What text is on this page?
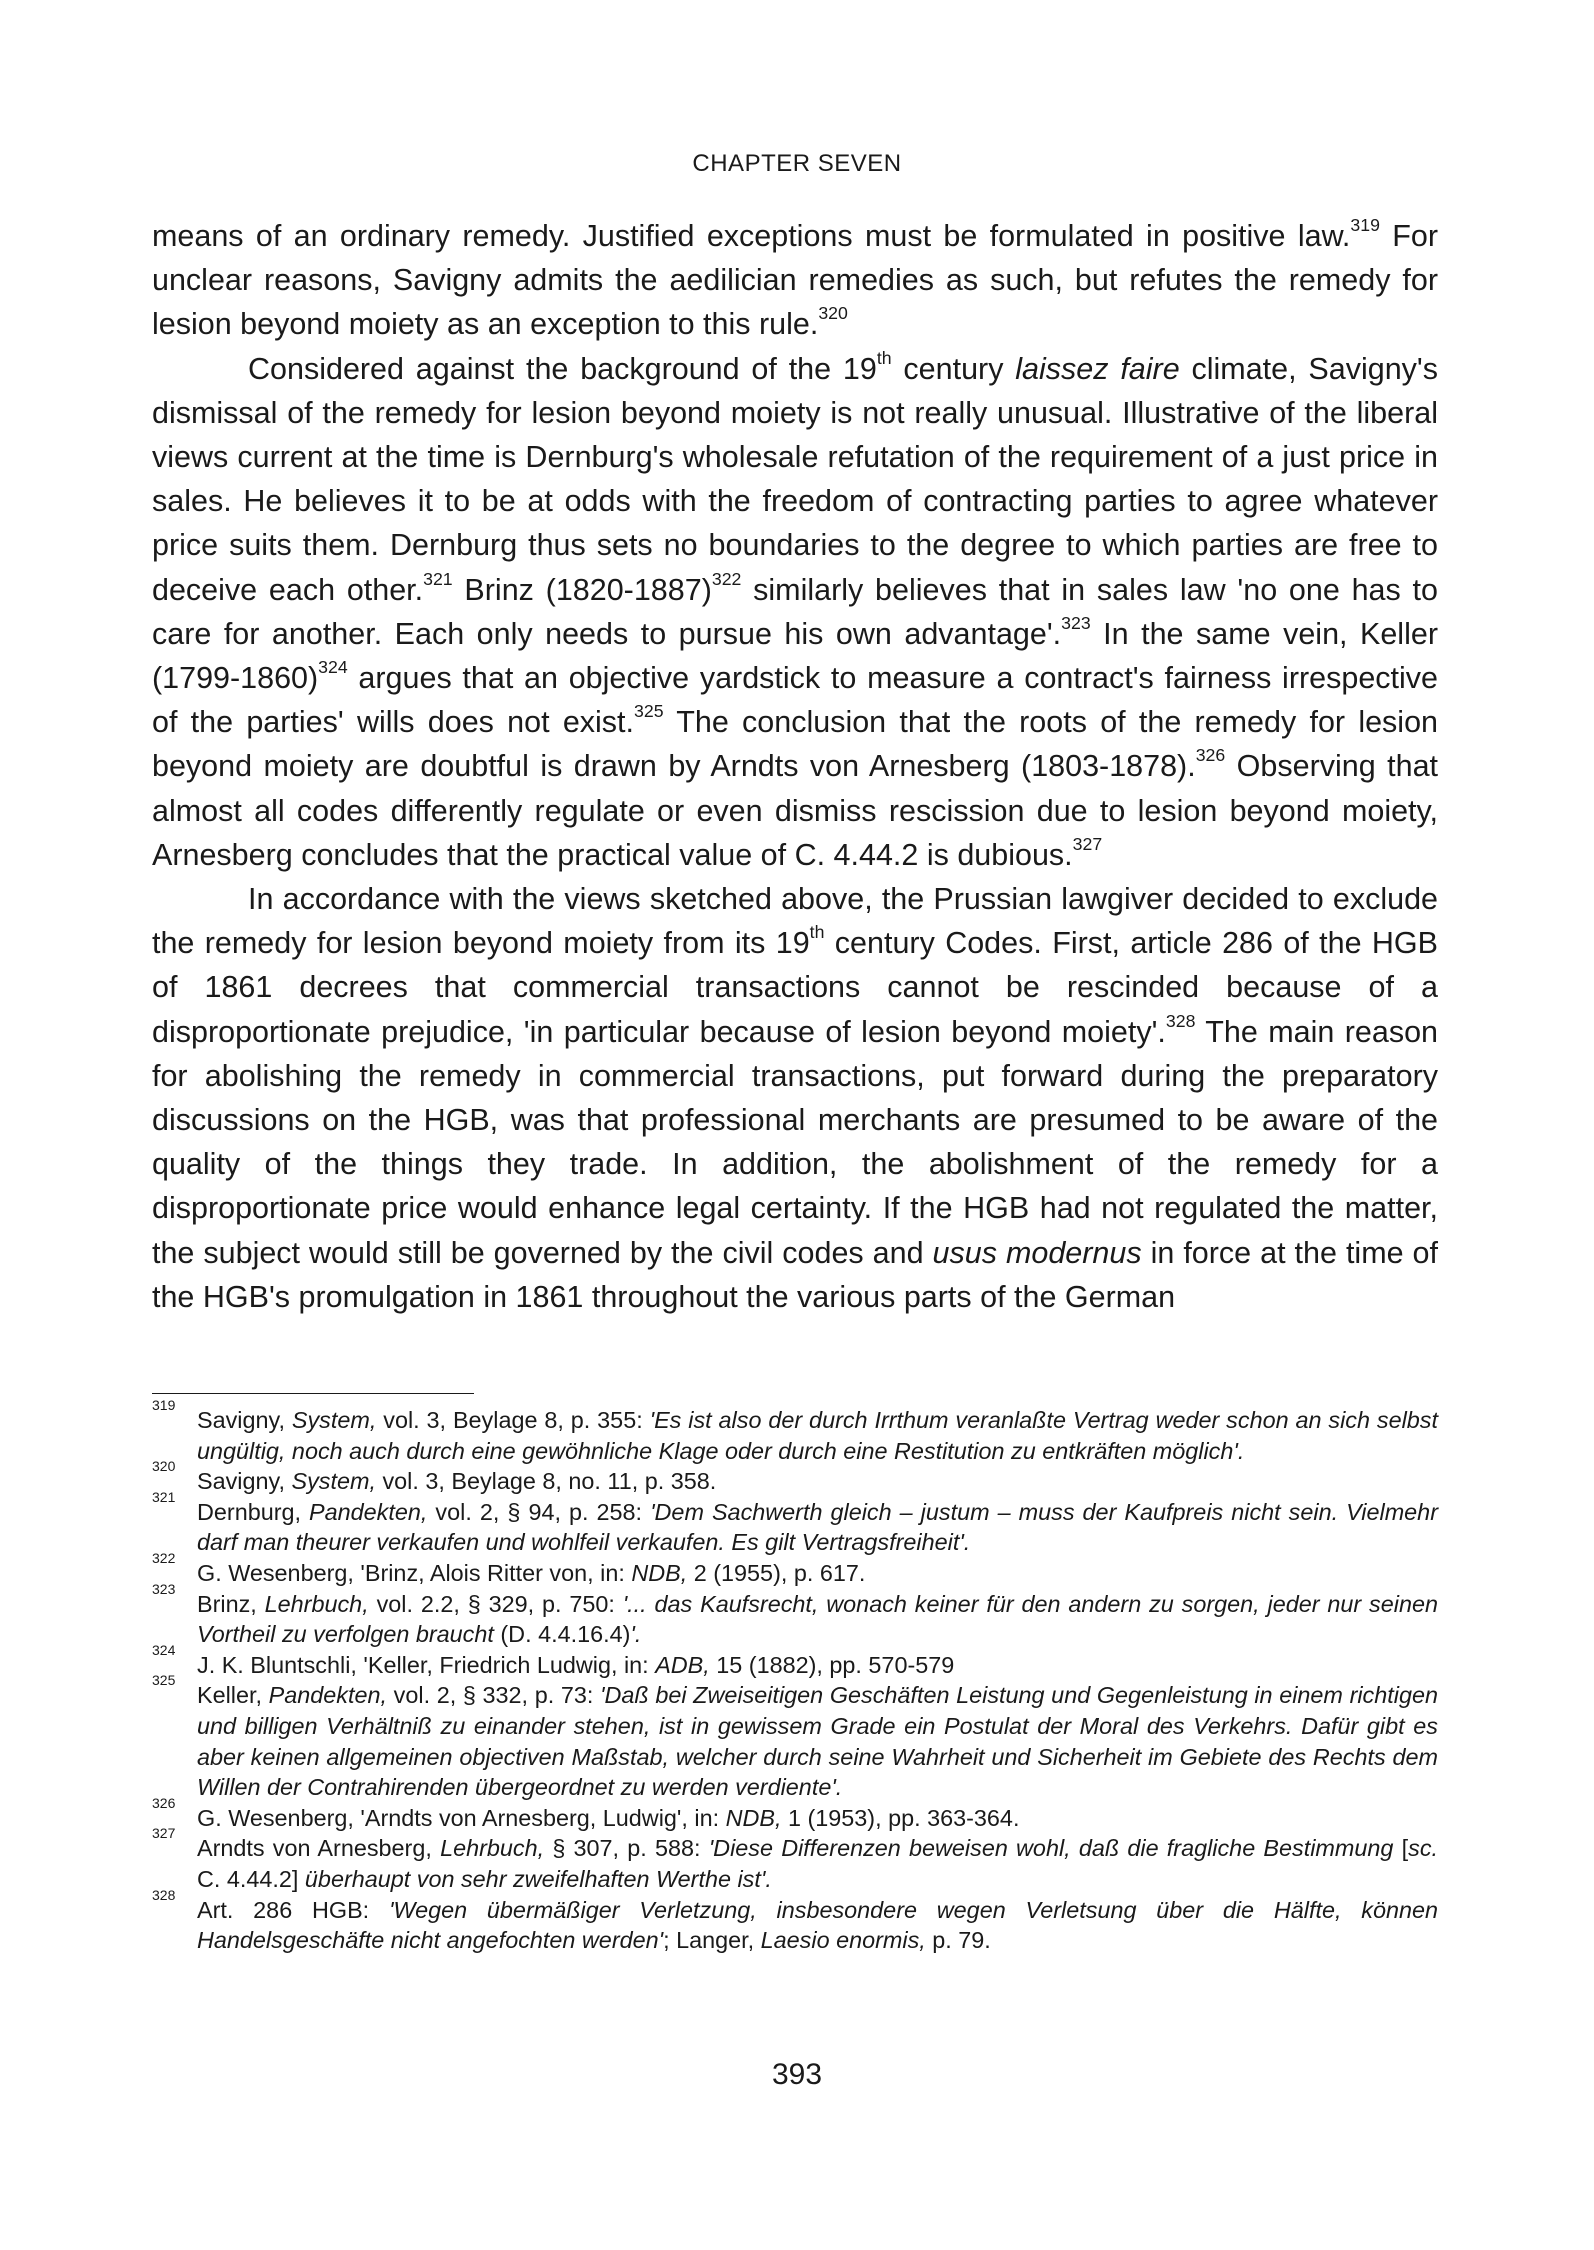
CHAPTER SEVEN

means of an ordinary remedy. Justified exceptions must be formulated in positive law.$^{319}$ For unclear reasons, Savigny admits the aedilician remedies as such, but refutes the remedy for lesion beyond moiety as an exception to this rule.$^{320}$

Considered against the background of the 19th century laissez faire climate, Savigny's dismissal of the remedy for lesion beyond moiety is not really unusual. Illustrative of the liberal views current at the time is Dernburg's wholesale refutation of the requirement of a just price in sales. He believes it to be at odds with the freedom of contracting parties to agree whatever price suits them. Dernburg thus sets no boundaries to the degree to which parties are free to deceive each other.$^{321}$ Brinz (1820-1887)$^{322}$ similarly believes that in sales law 'no one has to care for another. Each only needs to pursue his own advantage'.$^{323}$ In the same vein, Keller (1799-1860)$^{324}$ argues that an objective yardstick to measure a contract's fairness irrespective of the parties' wills does not exist.$^{325}$ The conclusion that the roots of the remedy for lesion beyond moiety are doubtful is drawn by Arndts von Arnesberg (1803-1878).$^{326}$ Observing that almost all codes differently regulate or even dismiss rescission due to lesion beyond moiety, Arnesberg concludes that the practical value of C. 4.44.2 is dubious.$^{327}$

In accordance with the views sketched above, the Prussian lawgiver decided to exclude the remedy for lesion beyond moiety from its 19th century Codes. First, article 286 of the HGB of 1861 decrees that commercial transactions cannot be rescinded because of a disproportionate prejudice, 'in particular because of lesion beyond moiety'.$^{328}$ The main reason for abolishing the remedy in commercial transactions, put forward during the preparatory discussions on the HGB, was that professional merchants are presumed to be aware of the quality of the things they trade. In addition, the abolishment of the remedy for a disproportionate price would enhance legal certainty. If the HGB had not regulated the matter, the subject would still be governed by the civil codes and usus modernus in force at the time of the HGB's promulgation in 1861 throughout the various parts of the German

319
Savigny, System, vol. 3, Beylage 8, p. 355: 'Es ist also der durch Irrthum veranlaßte Vertrag weder schon an sich selbst ungültig, noch auch durch eine gewöhnliche Klage oder durch eine Restitution zu entkräften möglich'.
320
Savigny, System, vol. 3, Beylage 8, no. 11, p. 358.
321
Dernburg, Pandekten, vol. 2, § 94, p. 258: 'Dem Sachwerth gleich – justum – muss der Kaufpreis nicht sein. Vielmehr darf man theurer verkaufen und wohlfeil verkaufen. Es gilt Vertragsfreiheit'.
322
G. Wesenberg, 'Brinz, Alois Ritter von, in: NDB, 2 (1955), p. 617.
323
Brinz, Lehrbuch, vol. 2.2, § 329, p. 750: '... das Kaufsrecht, wonach keiner für den andern zu sorgen, jeder nur seinen Vortheil zu verfolgen braucht (D. 4.4.16.4)'.
324
J. K. Bluntschli, 'Keller, Friedrich Ludwig, in: ADB, 15 (1882), pp. 570-579
325
Keller, Pandekten, vol. 2, § 332, p. 73: 'Daß bei Zweiseitigen Geschäften Leistung und Gegenleistung in einem richtigen und billigen Verhältniß zu einander stehen, ist in gewissem Grade ein Postulat der Moral des Verkehrs. Dafür gibt es aber keinen allgemeinen objectiven Maßstab, welcher durch seine Wahrheit und Sicherheit im Gebiete des Rechts dem Willen der Contrahirenden übergeordnet zu werden verdiente'.
326
G. Wesenberg, 'Arndts von Arnesberg, Ludwig', in: NDB, 1 (1953), pp. 363-364.
327
Arndts von Arnesberg, Lehrbuch, § 307, p. 588: 'Diese Differenzen beweisen wohl, daß die fragliche Bestimmung [sc. C. 4.44.2] überhaupt von sehr zweifelhaften Werthe ist'.
328
Art. 286 HGB: 'Wegen übermäßiger Verletzung, insbesondere wegen Verletsung über die Hälfte, können Handelsgeschäfte nicht angefochten werden'; Langer, Laesio enormis, p. 79.
393
